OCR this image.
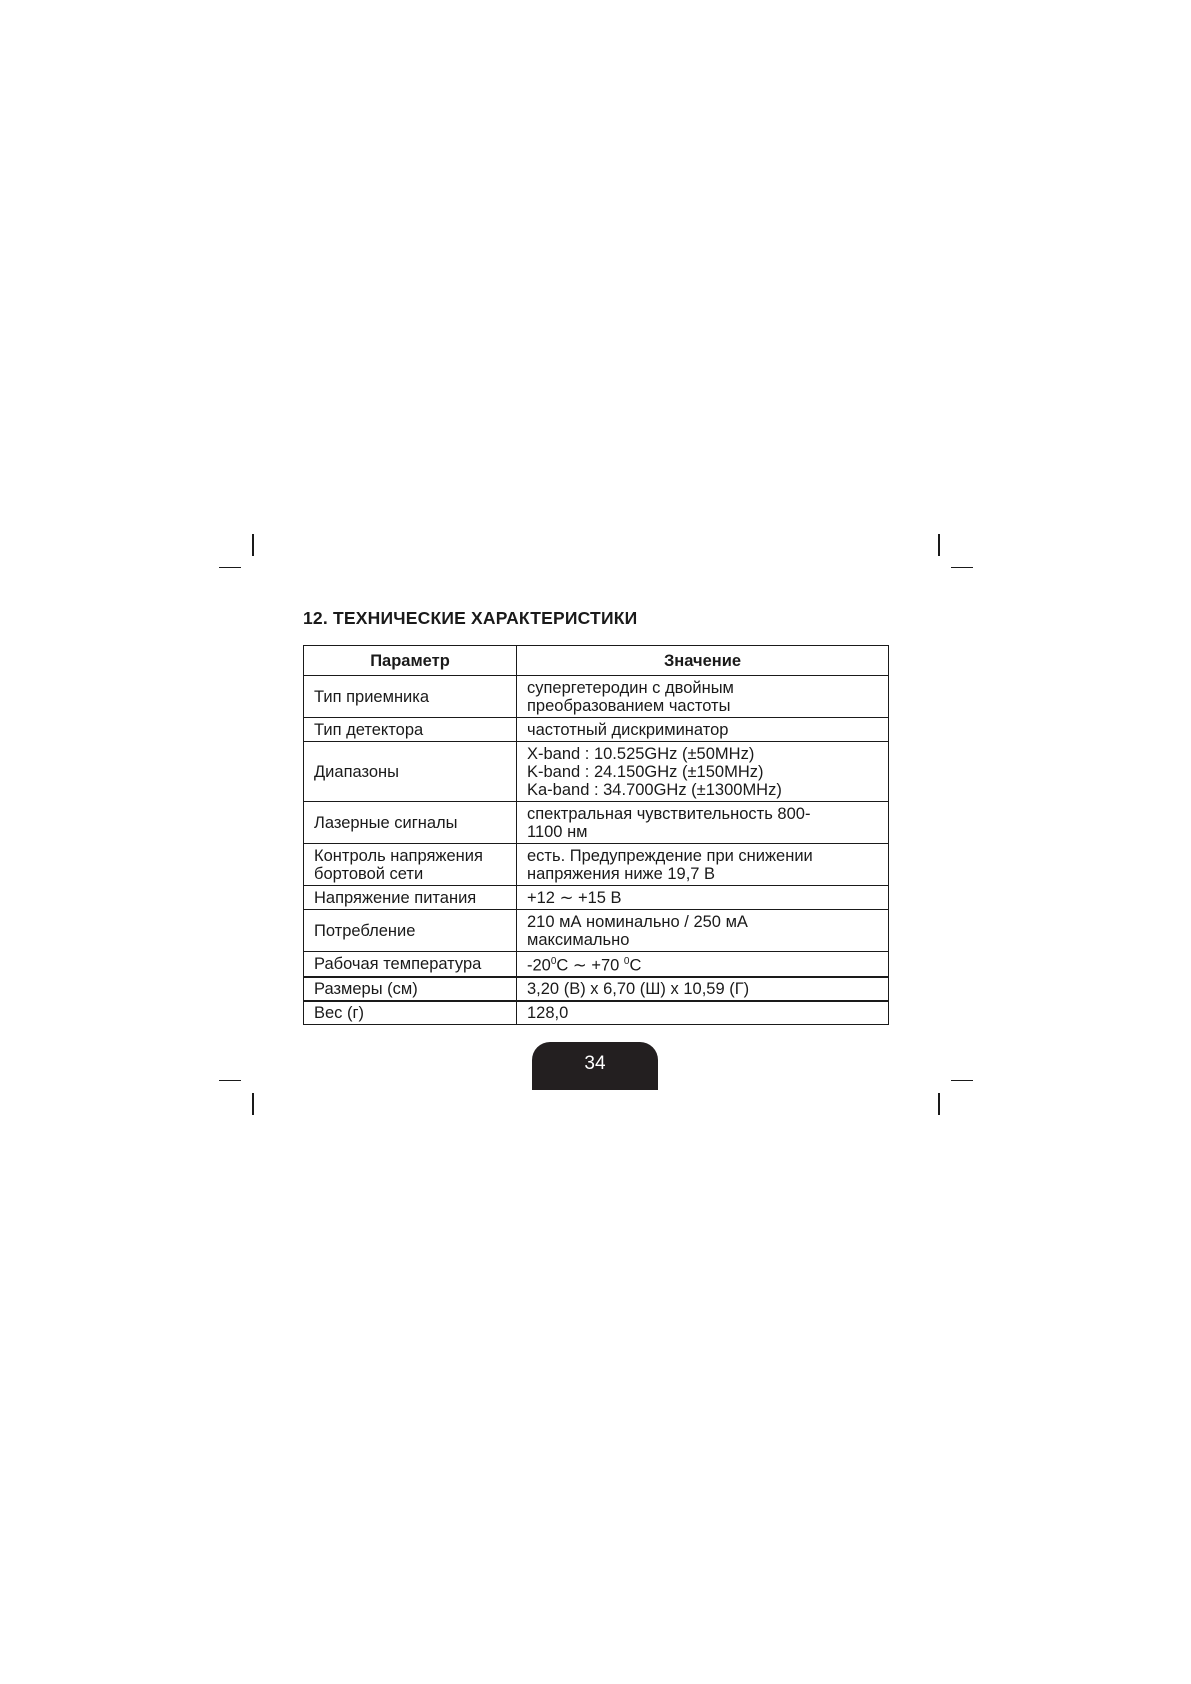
12. ТЕХНИЧЕСКИЕ ХАРАКТЕРИСТИКИ
Параметр	Значение
Тип приемника	супергетеродин с двойным
преобразованием частоты
Тип детектора	частотный дискриминатор
Диапазоны	X-band : 10.525GHz (±50MHz)
K-band : 24.150GHz (±150MHz)
Ka-band : 34.700GHz (±1300MHz)
Лазерные сигналы	спектральная чувствительность 800-
1100 нм
Контроль напряжения
бортовой сети	есть. Предупреждение при снижении
напряжения ниже 19,7 В
Напряжение питания	+12 ∼ +15 В
Потребление	210 мА номинально / 250 мА
максимально
Рабочая температура	$-20^0С$ ∼ +70 $^0$С
Размеры (см)	3,20 (В) x 6,70 (Ш) x 10,59 (Г)
Вес (г)	128,0
34
